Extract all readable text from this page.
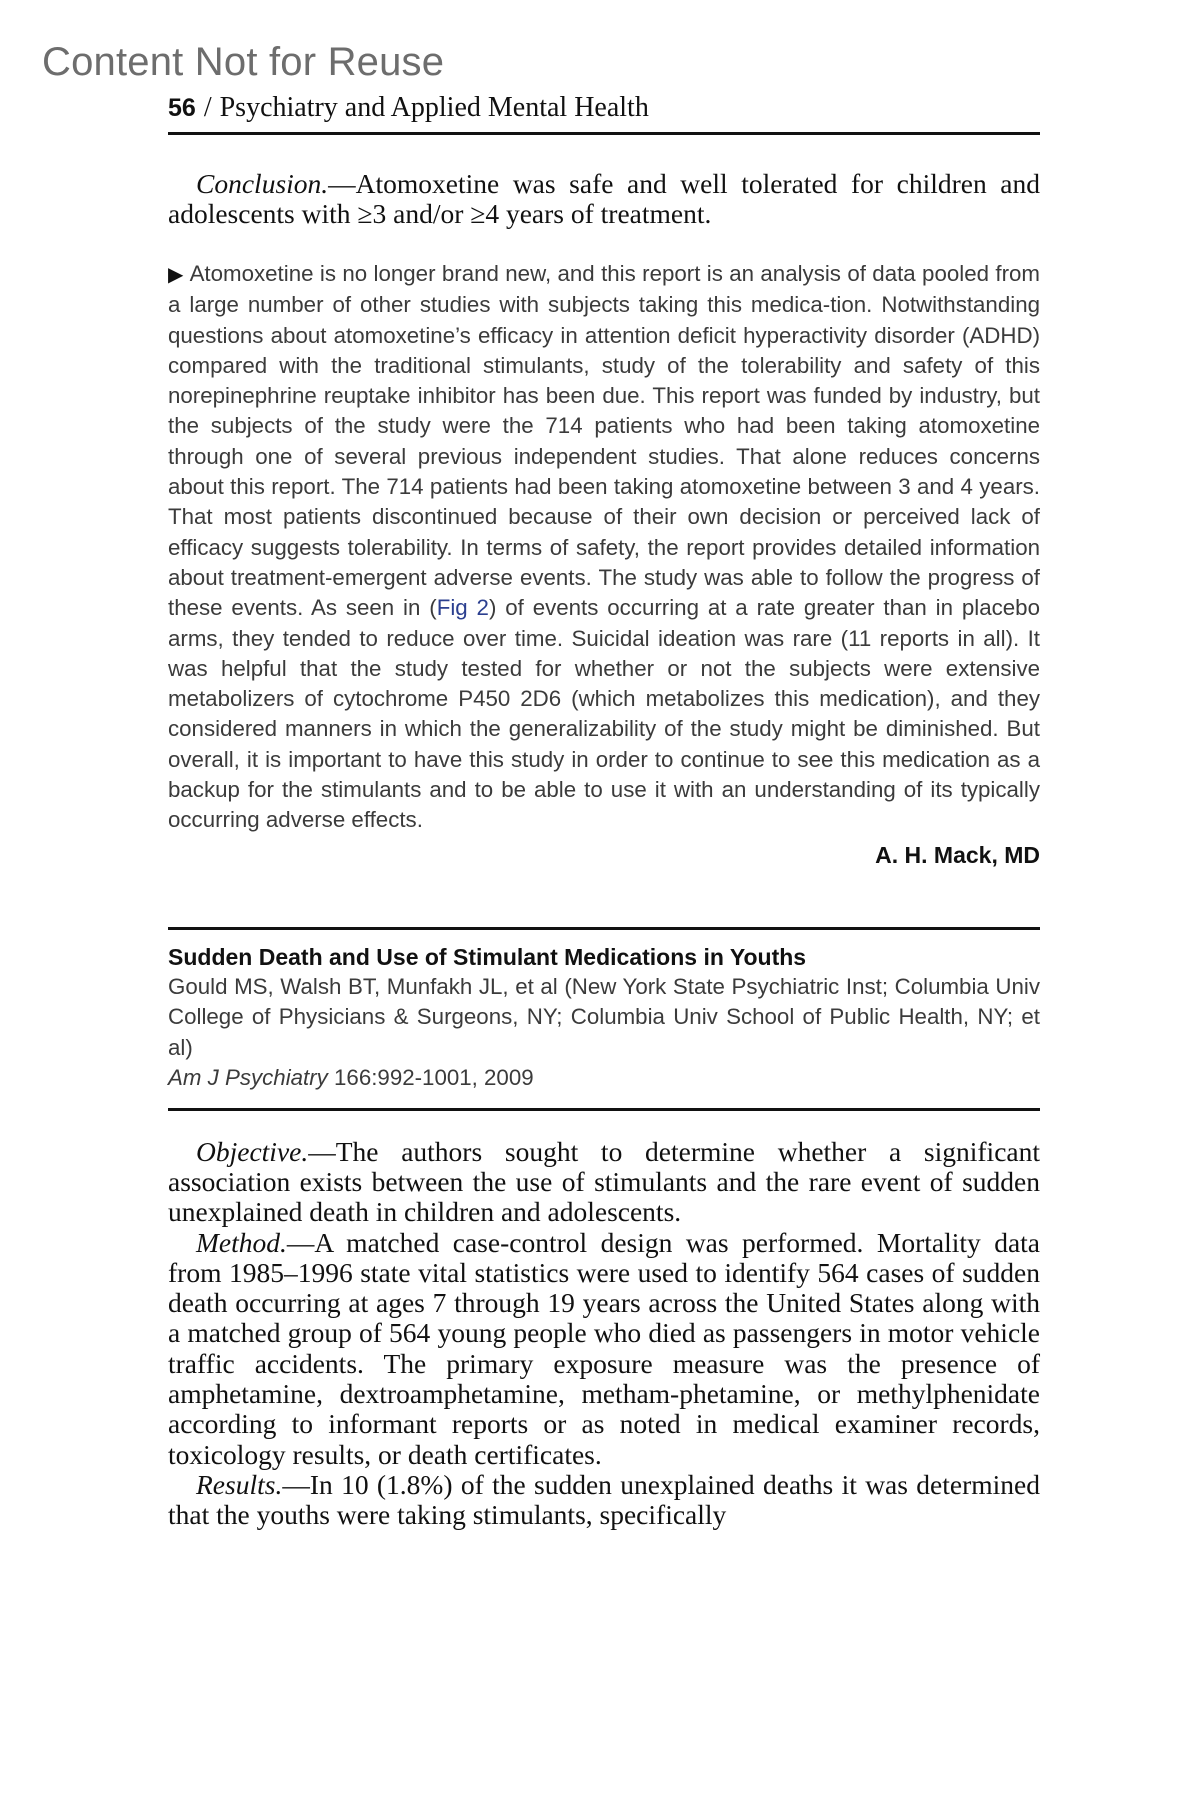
Content Not for Reuse
56 / Psychiatry and Applied Mental Health

Conclusion.—Atomoxetine was safe and well tolerated for children and adolescents with ≥3 and/or ≥4 years of treatment.

▶ Atomoxetine is no longer brand new, and this report is an analysis of data pooled from a large number of other studies with subjects taking this medica-tion. Notwithstanding questions about atomoxetine’s efficacy in attention deficit hyperactivity disorder (ADHD) compared with the traditional stimulants, study of the tolerability and safety of this norepinephrine reuptake inhibitor has been due. This report was funded by industry, but the subjects of the study were the 714 patients who had been taking atomoxetine through one of several previous independent studies. That alone reduces concerns about this report. The 714 patients had been taking atomoxetine between 3 and 4 years. That most patients discontinued because of their own decision or perceived lack of efficacy suggests tolerability. In terms of safety, the report provides detailed information about treatment-emergent adverse events. The study was able to follow the progress of these events. As seen in (Fig 2) of events occurring at a rate greater than in placebo arms, they tended to reduce over time. Suicidal ideation was rare (11 reports in all). It was helpful that the study tested for whether or not the subjects were extensive metabolizers of cytochrome P450 2D6 (which metabolizes this medication), and they considered manners in which the generalizability of the study might be diminished. But overall, it is important to have this study in order to continue to see this medication as a backup for the stimulants and to be able to use it with an understanding of its typically occurring adverse effects.

A. H. Mack, MD
Sudden Death and Use of Stimulant Medications in Youths
Gould MS, Walsh BT, Munfakh JL, et al (New York State Psychiatric Inst; Columbia Univ College of Physicians & Surgeons, NY; Columbia Univ School of Public Health, NY; et al)
Am J Psychiatry 166:992-1001, 2009

Objective.—The authors sought to determine whether a significant association exists between the use of stimulants and the rare event of sudden unexplained death in children and adolescents.

Method.—A matched case-control design was performed. Mortality data from 1985–1996 state vital statistics were used to identify 564 cases of sudden death occurring at ages 7 through 19 years across the United States along with a matched group of 564 young people who died as passengers in motor vehicle traffic accidents. The primary exposure measure was the presence of amphetamine, dextroamphetamine, metham-phetamine, or methylphenidate according to informant reports or as noted in medical examiner records, toxicology results, or death certificates.

Results.—In 10 (1.8%) of the sudden unexplained deaths it was determined that the youths were taking stimulants, specifically
